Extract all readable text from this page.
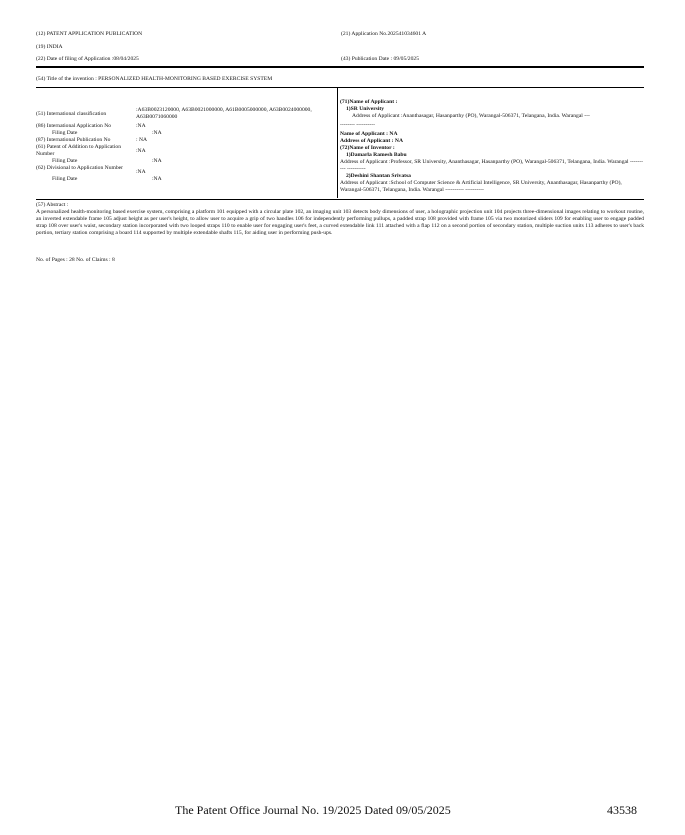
(12) PATENT APPLICATION PUBLICATION
(19) INDIA
(22) Date of filing of Application :08/04/2025
(21) Application No.202541034601 A
(43) Publication Date : 09/05/2025
(54) Title of the invention : PERSONALIZED HEALTH-MONITORING BASED EXERCISE SYSTEM
(51) International classification
:A63B0023120000, A63B0021000000, A61B0005000000, A63B0024000000, A63B0071060000
(86) International Application No	:NA
Filing Date	:NA
(87) International Publication No	: NA
(61) Patent of Addition to Application Number	:NA
Filing Date	:NA
(62) Divisional to Application Number
:NA
Filing Date	:NA
(71)Name of Applicant :
1)SR University
Address of Applicant :Ananthasagar, Hasanparthy (PO), Warangal-506371, Telangana, India. Warangal ---
-------- ----------
Name of Applicant : NA
Address of Applicant : NA
(72)Name of Inventor :
1)Damarla Ramesh Babu
Address of Applicant :Professor, SR University, Ananthasagar, Hasanparthy (PO), Warangal-506371, Telangana, India. Warangal ---------- ----------
2)Deshini Shantan Srivatsa
Address of Applicant :School of Computer Science & Artificial Intelligence, SR University, Ananthasagar, Hasanparthy (PO), Warangal-506371, Telangana, India. Warangal ---------- ----------
(57) Abstract :
A personalized health-monitoring based exercise system, comprising a platform 101 equipped with a circular plate 102, an imaging unit 103 detects body dimensions of user, a holographic projection unit 104 projects three-dimensional images relating to workout routine, an inverted extendable frame 105 adjust height as per user's height, to allow user to acquire a grip of two handles 106 for independently performing pullups, a padded strap 108 provided with frame 105 via two motorized sliders 109 for enabling user to engage padded strap 108 over user's waist, secondary station incorporated with two looped straps 110 to enable user for engaging user's feet, a curved extendable link 111 attached with a flap 112 on a second portion of secondary station, multiple suction units 113 adheres to user's back portion, tertiary station comprising a board 114 supported by multiple extendable shafts 115, for aiding user in performing push-ups.
No. of Pages : 28 No. of Claims : 8
The Patent Office Journal No. 19/2025 Dated 09/05/2025	43538
